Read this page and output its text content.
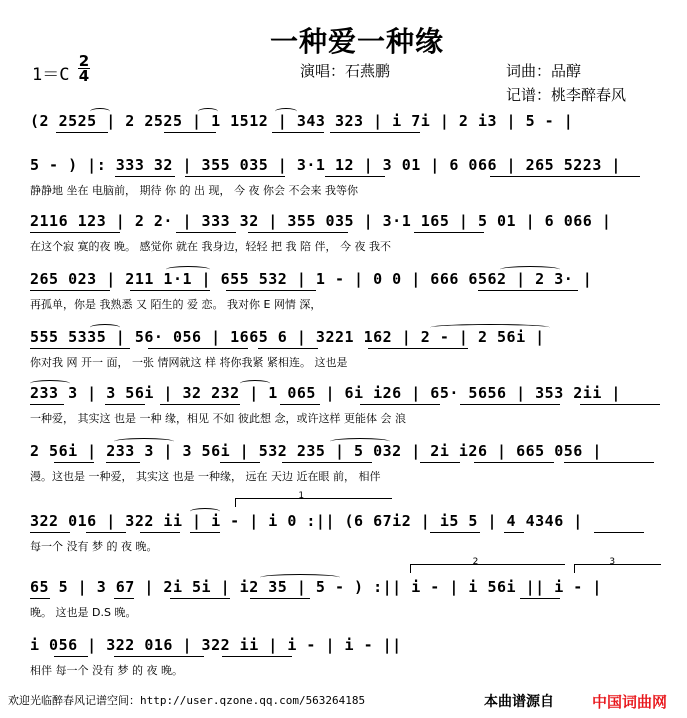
一种爱一种缘
1＝C
2
4	演唱：石燕鹏	词曲：品醇
记谱：桃李醉春风
(2 2525 | 2 2525 | 1 1512 | 343 323 | i 7i | 2 i3 | 5 - |
5 - ) |: 333 32 | 355 035 | 3·1 12 | 3 01 | 6 066 | 265 5223 |
静静地 坐在 电脑前， 期待 你 的 出 现， 今 夜 你会 不会来 我等你
2116 123 | 2 2· | 333 32 | 355 035 | 3·1 165 | 5 01 | 6 066 |
在这个寂 寞的夜 晚。 感觉你 就在 我身边，轻轻 把 我 陪 伴， 今 夜 我不
265 023 | 211 1·1 | 655 532 | 1 - | 0 0 | 666 6562 | 2 3· |
再孤单，你是 我熟悉 又 陌生的 爱 恋。 我对你 E 网情 深，
555 5335 | 56· 056 | 1665 6 | 3221 162 | 2 - | 2 56i |
你对我 网 开一 面， 一张 情网就这 样 将你我紧 紧相连。 这也是
233 3 | 3 56i | 32 232 | 1 065 | 6i i26 | 65· 5656 | 353 2ii |
一种爱， 其实这 也是 一种 缘，相见 不如 彼此想 念，或许这样 更能体 会 浪
2 56i | 233 3 | 3 56i | 532 235 | 5 032 | 2i i26 | 665 056 |
漫。这也是 一种爱， 其实这 也是 一种缘， 远在 天边 近在眼 前， 相伴
322 016 | 322 ii | i - | i 0 :|| (6 67i2 | i5 5 | 4 4346 |
1
每一个 没有 梦 的 夜 晚。
65 5 | 3 67 | 2i 5i | i2 35 | 5 - ) :|| i - | i 56i || i - |
2	3
晚。 这也是 D.S 晚。
i 056 | 322 016 | 322 ii | i - | i - ||
相伴 每一个 没有 梦 的 夜 晚。
欢迎光临醉春风记谱空间：http://user.qzone.qq.com/563264185	本曲谱源自	中国词曲网
